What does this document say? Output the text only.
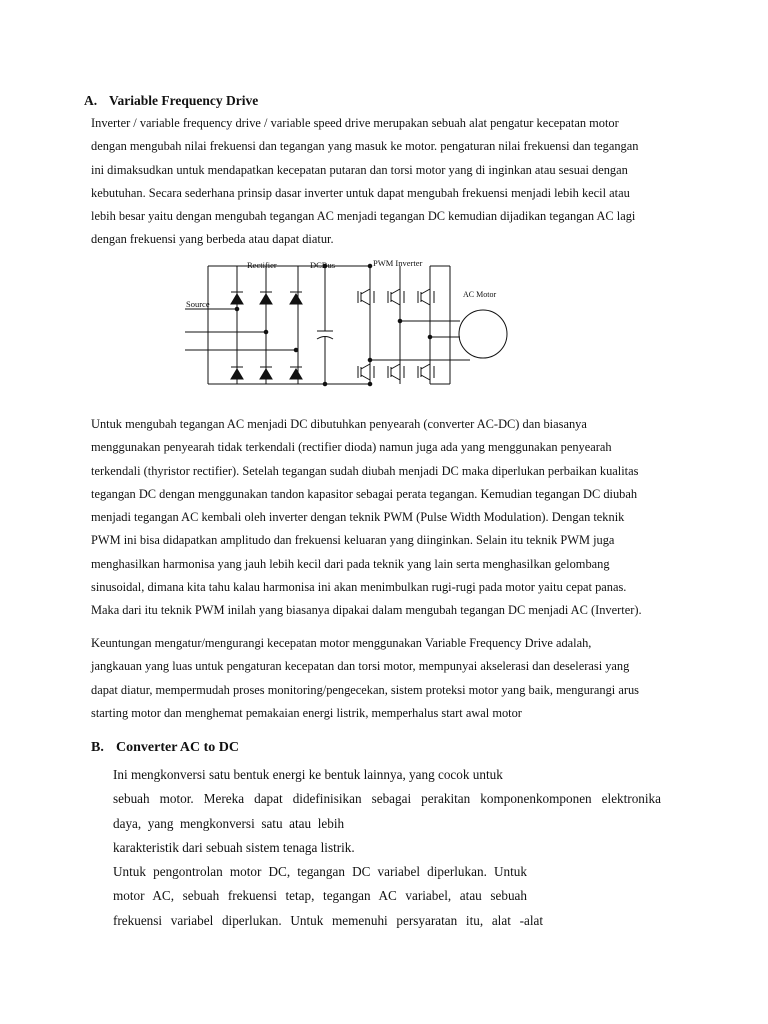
A. Variable Frequency Drive
Inverter / variable frequency drive / variable speed drive merupakan sebuah alat pengatur kecepatan motor
dengan mengubah nilai frekuensi dan tegangan yang masuk ke motor. pengaturan nilai frekuensi dan tegangan
ini dimaksudkan untuk mendapatkan kecepatan putaran dan torsi motor yang di inginkan atau sesuai dengan
kebutuhan. Secara sederhana prinsip dasar inverter untuk dapat mengubah frekuensi menjadi lebih kecil atau
lebih besar yaitu dengan mengubah tegangan AC menjadi tegangan DC kemudian dijadikan tegangan AC lagi
dengan frekuensi yang berbeda atau dapat diatur.
Rectifier	DCBus	PWM Inverter
AC Motor
Source
Untuk mengubah tegangan AC menjadi DC dibutuhkan penyearah (converter AC-DC) dan biasanya
menggunakan penyearah tidak terkendali (rectifier dioda) namun juga ada yang menggunakan penyearah
terkendali (thyristor rectifier). Setelah tegangan sudah diubah menjadi DC maka diperlukan perbaikan kualitas
tegangan DC dengan menggunakan tandon kapasitor sebagai perata tegangan. Kemudian tegangan DC diubah
menjadi tegangan AC kembali oleh inverter dengan teknik PWM (Pulse Width Modulation). Dengan teknik
PWM ini bisa didapatkan amplitudo dan frekuensi keluaran yang diinginkan. Selain itu teknik PWM juga
menghasilkan harmonisa yang jauh lebih kecil dari pada teknik yang lain serta menghasilkan gelombang
sinusoidal, dimana kita tahu kalau harmonisa ini akan menimbulkan rugi-rugi pada motor yaitu cepat panas.
Maka dari itu teknik PWM inilah yang biasanya dipakai dalam mengubah tegangan DC menjadi AC (Inverter).
Keuntungan mengatur/mengurangi kecepatan motor menggunakan Variable Frequency Drive adalah,
jangkauan yang luas untuk pengaturan kecepatan dan torsi motor, mempunyai akselerasi dan deselerasi yang
dapat diatur, mempermudah proses monitoring/pengecekan, sistem proteksi motor yang baik, mengurangi arus
starting motor dan menghemat pemakaian energi listrik, memperhalus start awal motor
B. Converter AC to DC
Ini mengkonversi satu bentuk energi ke bentuk lainnya, yang cocok untuk
sebuah motor. Mereka dapat didefinisikan sebagai perakitan komponenkomponen elektronika
daya,  yang  mengkonversi  satu  atau  lebih
karakteristik dari sebuah sistem tenaga listrik.
Untuk pengontrolan motor DC, tegangan DC variabel diperlukan. Untuk
motor AC, sebuah frekuensi tetap, tegangan AC variabel, atau sebuah
frekuensi variabel diperlukan. Untuk memenuhi persyaratan itu, alat -alat
